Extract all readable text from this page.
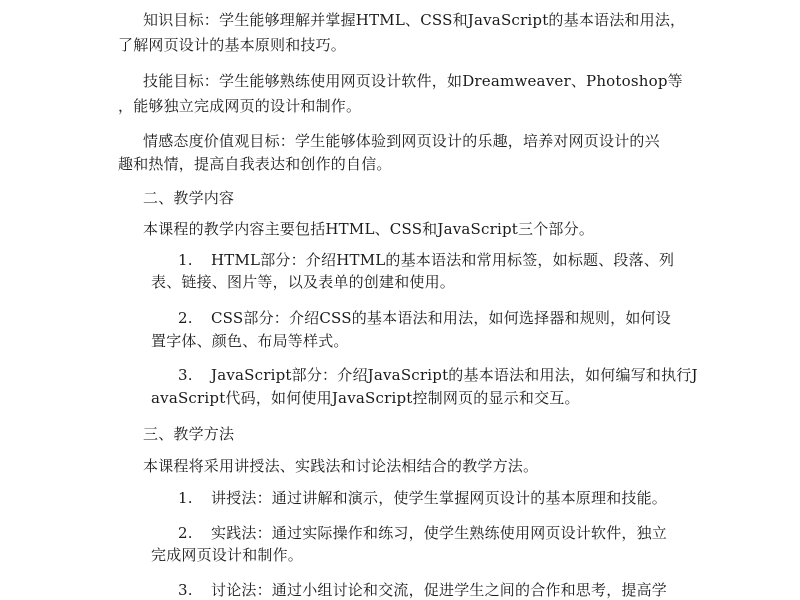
知识目标：学生能够理解并掌握HTML、CSS和JavaScript的基本语法和用法，
了解网页设计的基本原则和技巧。
技能目标：学生能够熟练使用网页设计软件，如Dreamweaver、Photoshop等
，能够独立完成网页的设计和制作。
情感态度价值观目标：学生能够体验到网页设计的乐趣，培养对网页设计的兴
趣和热情，提高自我表达和创作的自信。
二、教学内容
本课程的教学内容主要包括HTML、CSS和JavaScript三个部分。
1. HTML部分：介绍HTML的基本语法和常用标签，如标题、段落、列
表、链接、图片等，以及表单的创建和使用。
2. CSS部分：介绍CSS的基本语法和用法，如何选择器和规则，如何设
置字体、颜色、布局等样式。
3. JavaScript部分：介绍JavaScript的基本语法和用法，如何编写和执行J
avaScript代码，如何使用JavaScript控制网页的显示和交互。
三、教学方法
本课程将采用讲授法、实践法和讨论法相结合的教学方法。
1. 讲授法：通过讲解和演示，使学生掌握网页设计的基本原理和技能。
2. 实践法：通过实际操作和练习，使学生熟练使用网页设计软件，独立
完成网页设计和制作。
3. 讨论法：通过小组讨论和交流，促进学生之间的合作和思考，提高学
